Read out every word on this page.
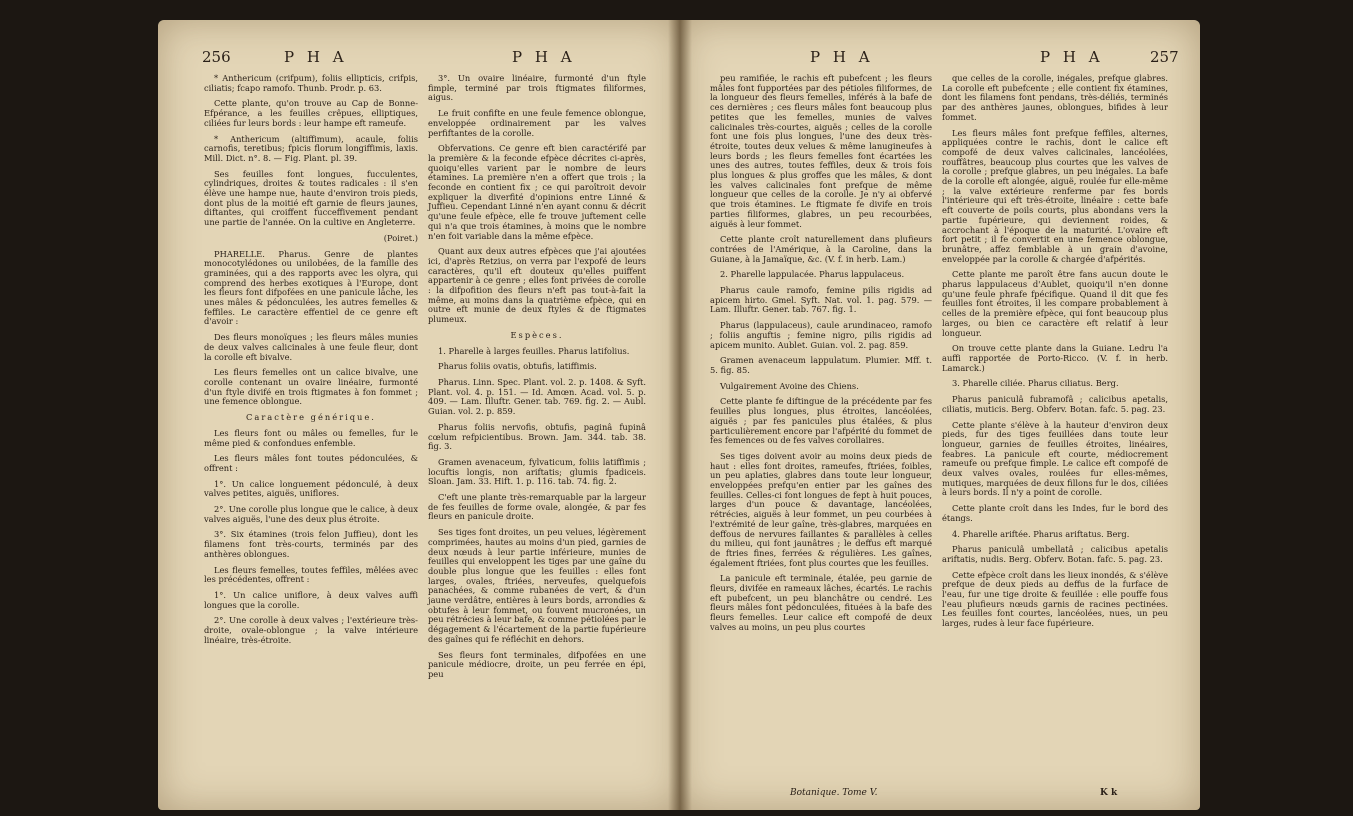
256	P H A	P H A

* Anthericum (crifpum), foliis ellipticis, crifpis, ciliatis; fcapo ramofo. Thunb. Prodr. p. 63.

Cette plante, qu'on trouve au Cap de Bonne-Efpérance, a les feuilles crêpues, elliptiques, ciliées fur leurs bords : leur hampe eft rameufe.

* Anthericum (altiffimum), acaule, foliis carnofis, teretibus; fpicis florum longiffimis, laxis. Mill. Dict. n°. 8. — Fig. Plant. pl. 39.

Ses feuilles font longues, fucculentes, cylindriques, droites & toutes radicales : il s'en élève une hampe nue, haute d'environ trois pieds, dont plus de la moitié eft garnie de fleurs jaunes, diftantes, qui croiffent fucceffivement pendant une partie de l'année. On la cultive en Angleterre.

(Poiret.)

PHARELLE. Pharus. Genre de plantes monocotylédones ou unilobées, de la famille des graminées, qui a des rapports avec les olyra, qui comprend des herbes exotiques à l'Europe, dont les fleurs font difpofées en une panicule lâche, les unes mâles & pédonculées, les autres femelles & feffiles. Le caractère effentiel de ce genre eft d'avoir :

Des fleurs monoïques ; les fleurs mâles munies de deux valves calicinales à une feule fleur, dont la corolle eft bivalve.

Les fleurs femelles ont un calice bivalve, une corolle contenant un ovaire linéaire, furmonté d'un ftyle divifé en trois ftigmates à fon fommet ; une femence oblongue.

Caractère générique.

Les fleurs font ou mâles ou femelles, fur le même pied & confondues enfemble.

Les fleurs mâles font toutes pédonculées, & offrent :

1°. Un calice longuement pédonculé, à deux valves petites, aiguës, uniflores.

2°. Une corolle plus longue que le calice, à deux valves aiguës, l'une des deux plus étroite.

3°. Six étamines (trois felon Juffieu), dont les filamens font très-courts, terminés par des anthères oblongues.

Les fleurs femelles, toutes feffiles, mêlées avec les précédentes, offrent :

1°. Un calice uniflore, à deux valves auffi longues que la corolle.

2°. Une corolle à deux valves ; l'extérieure très-droite, ovale-oblongue ; la valve intérieure linéaire, très-étroite.

3°. Un ovaire linéaire, furmonté d'un ftyle fimple, terminé par trois ftigmates filiformes, aigus.

Le fruit confifte en une feule femence oblongue, enveloppée ordinairement par les valves perfiftantes de la corolle.

Obfervations. Ce genre eft bien caractérifé par la première & la feconde efpèce décrites ci-après, quoiqu'elles varient par le nombre de leurs étamines. La première n'en a offert que trois ; la feconde en contient fix ; ce qui paroîtroit devoir expliquer la diverfité d'opinions entre Linné & Juffieu. Cependant Linné n'en ayant connu & décrit qu'une feule efpèce, elle fe trouve juftement celle qui n'a que trois étamines, à moins que le nombre n'en foit variable dans la même efpèce.

Quant aux deux autres efpèces que j'ai ajoutées ici, d'après Retzius, on verra par l'expofé de leurs caractères, qu'il eft douteux qu'elles puiffent appartenir à ce genre ; elles font privées de corolle : la difpofition des fleurs n'eft pas tout-à-fait la même, au moins dans la quatrième efpèce, qui en outre eft munie de deux ftyles & de ftigmates plumeux.

Espèces.

1. Pharelle à larges feuilles. Pharus latifolius.

Pharus foliis ovatis, obtufis, latiffimis.

Pharus. Linn. Spec. Plant. vol. 2. p. 1408. & Syft. Plant. vol. 4. p. 151. — Id. Amœn. Acad. vol. 5. p. 409. — Lam. Illuftr. Gener. tab. 769. fig. 2. — Aubl. Guian. vol. 2. p. 859.

Pharus foliis nervofis, obtufis, paginâ fupinâ cœlum refpicientibus. Brown. Jam. 344. tab. 38. fig. 3.

Gramen avenaceum, fylvaticum, foliis latiffimis ; locuftis longis, non ariftatis; glumis fpadiceis. Sloan. Jam. 33. Hift. 1. p. 116. tab. 74. fig. 2.

C'eft une plante très-remarquable par la largeur de fes feuilles de forme ovale, alongée, & par fes fleurs en panicule droite.

Ses tiges font droites, un peu velues, légèrement comprimées, hautes au moins d'un pied, garnies de deux nœuds à leur partie inférieure, munies de feuilles qui enveloppent les tiges par une gaîne du double plus longue que les feuilles : elles font larges, ovales, ftriées, nerveufes, quelquefois panachées, & comme rubanées de vert, & d'un jaune verdâtre, entières à leurs bords, arrondies & obtufes à leur fommet, ou fouvent mucronées, un peu rétrécies à leur bafe, & comme pétiolées par le dégagement & l'écartement de la partie fupérieure des gaînes qui fe réfléchit en dehors.

Ses fleurs font terminales, difpofées en une panicule médiocre, droite, un peu ferrée en épi, peu

P H A	P H A	257

peu ramifiée, le rachis eft pubefcent ; les fleurs mâles font fupportées par des pétioles filiformes, de la longueur des fleurs femelles, inférés à la bafe de ces dernières ; ces fleurs mâles font beaucoup plus petites que les femelles, munies de valves calicinales très-courtes, aiguës ; celles de la corolle font une fois plus longues, l'une des deux très-étroite, toutes deux velues & même lanugineufes à leurs bords ; les fleurs femelles font écartées les unes des autres, toutes feffiles, deux & trois fois plus longues & plus groffes que les mâles, & dont les valves calicinales font prefque de même longueur que celles de la corolle. Je n'y ai obfervé que trois étamines. Le ftigmate fe divife en trois parties filiformes, glabres, un peu recourbées, aiguës à leur fommet.

Cette plante croît naturellement dans plufieurs contrées de l'Amérique, à la Caroline, dans la Guiane, à la Jamaïque, &c. (V. f. in herb. Lam.)

2. Pharelle lappulacée. Pharus lappulaceus.

Pharus caule ramofo, femine pilis rigidis ad apicem hirto. Gmel. Syft. Nat. vol. 1. pag. 579. — Lam. Illuftr. Gener. tab. 767. fig. 1.

Pharus (lappulaceus), caule arundinaceo, ramofo ; foliis anguftis ; femine nigro, pilis rigidis ad apicem munito. Aublet. Guian. vol. 2. pag. 859.

Gramen avenaceum lappulatum. Plumier. Mff. t. 5. fig. 85.

Vulgairement Avoine des Chiens.

Cette plante fe diftingue de la précédente par fes feuilles plus longues, plus étroites, lancéolées, aiguës ; par fes panicules plus étalées, & plus particulièrement encore par l'afpérité du fommet de fes femences ou de fes valves corollaires.

Ses tiges doivent avoir au moins deux pieds de haut : elles font droites, rameufes, ftriées, foibles, un peu aplaties, glabres dans toute leur longueur, enveloppées prefqu'en entier par les gaînes des feuilles. Celles-ci font longues de fept à huit pouces, larges d'un pouce & davantage, lancéolées, rétrécies, aiguës à leur fommet, un peu courbées à l'extrémité de leur gaîne, très-glabres, marquées en deffous de nervures faillantes & parallèles à celles du milieu, qui font jaunâtres ; le deffus eft marqué de ftries fines, ferrées & régulières. Les gaînes, également ftriées, font plus courtes que les feuilles.

La panicule eft terminale, étalée, peu garnie de fleurs, divifée en rameaux lâches, écartés. Le rachis eft pubefcent, un peu blanchâtre ou cendré. Les fleurs mâles font pédonculées, fituées à la bafe des fleurs femelles. Leur calice eft compofé de deux valves au moins, un peu plus courtes

que celles de la corolle, inégales, prefque glabres. La corolle eft pubefcente ; elle contient fix étamines, dont les filamens font pendans, très-déliés, terminés par des anthères jaunes, oblongues, bifides à leur fommet.

Les fleurs mâles font prefque feffiles, alternes, appliquées contre le rachis, dont le calice eft compofé de deux valves calicinales, lancéolées, rouffâtres, beaucoup plus courtes que les valves de la corolle ; prefque glabres, un peu inégales. La bafe de la corolle eft alongée, aiguë, roulée fur elle-même ; la valve extérieure renferme par fes bords l'intérieure qui eft très-étroite, linéaire : cette bafe eft couverte de poils courts, plus abondans vers la partie fupérieure, qui deviennent roides, & accrochant à l'époque de la maturité. L'ovaire eft fort petit ; il fe convertit en une femence oblongue, brunâtre, affez femblable à un grain d'avoine, enveloppée par la corolle & chargée d'afpérités.

Cette plante me paroît être fans aucun doute le pharus lappulaceus d'Aublet, quoiqu'il n'en donne qu'une feule phrafe fpécifique. Quand il dit que fes feuilles font étroites, il les compare probablement à celles de la première efpèce, qui font beaucoup plus larges, ou bien ce caractère eft relatif à leur longueur.

On trouve cette plante dans la Guiane. Ledru l'a auffi rapportée de Porto-Ricco. (V. f. in herb. Lamarck.)

3. Pharelle ciliée. Pharus ciliatus. Berg.

Pharus paniculâ fubramofâ ; calicibus apetalis, ciliatis, muticis. Berg. Obferv. Botan. fafc. 5. pag. 23.

Cette plante s'élève à la hauteur d'environ deux pieds, fur des tiges feuillées dans toute leur longueur, garnies de feuilles étroites, linéaires, feabres. La panicule eft courte, médiocrement rameufe ou prefque fimple. Le calice eft compofé de deux valves ovales, roulées fur elles-mêmes, mutiques, marquées de deux fillons fur le dos, ciliées à leurs bords. Il n'y a point de corolle.

Cette plante croît dans les Indes, fur le bord des étangs.

4. Pharelle ariftée. Pharus ariftatus. Berg.

Pharus paniculâ umbellatâ ; calicibus apetalis ariftatis, nudis. Berg. Obferv. Botan. fafc. 5. pag. 23.

Cette efpèce croît dans les lieux inondés, & s'élève prefque de deux pieds au deffus de la furface de l'eau, fur une tige droite & feuillée : elle pouffe fous l'eau plufieurs nœuds garnis de racines pectinées. Les feuilles font courtes, lancéolées, nues, un peu larges, rudes à leur face fupérieure.

Botanique. Tome V.	K k
